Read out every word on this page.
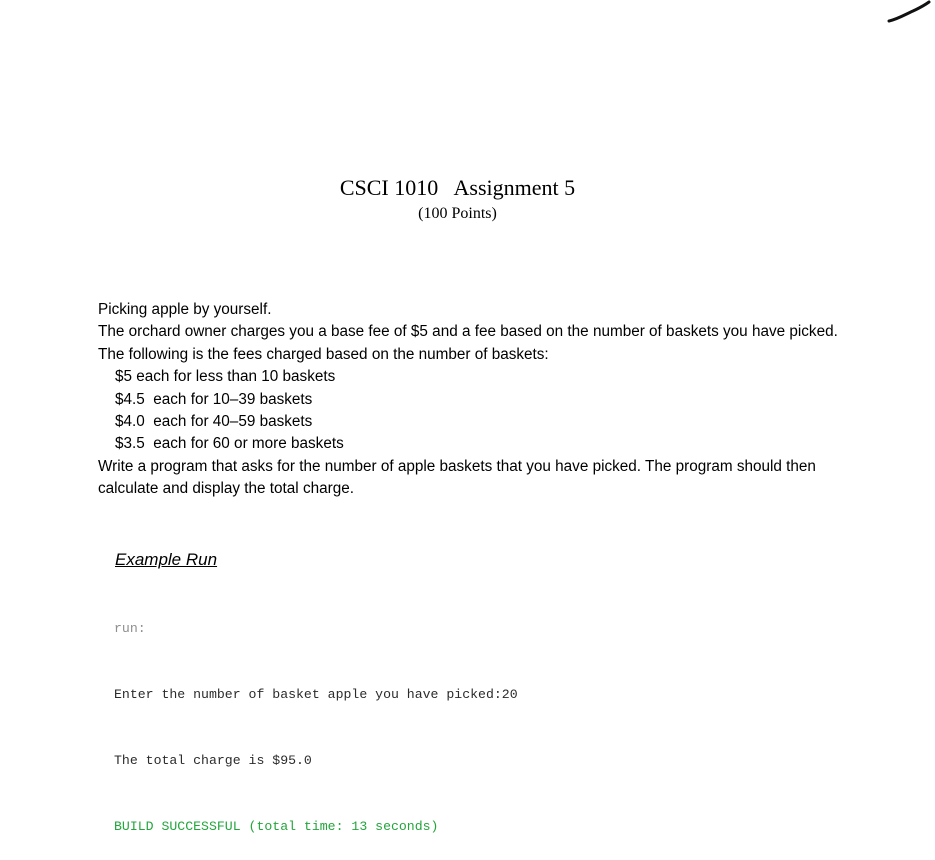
CSCI 1010   Assignment 5
(100 Points)

Picking apple by yourself.

The orchard owner charges you a base fee of $5 and a fee based on the number of baskets you have picked. The following is the fees charged based on the number of baskets:

$5 each for less than 10 baskets
$4.5  each for 10–39 baskets
$4.0  each for 40–59 baskets
$3.5  each for 60 or more baskets

Write a program that asks for the number of apple baskets that you have picked. The program should then calculate and display the total charge.

Example Run

run:

Enter the number of basket apple you have picked:20

The total charge is $95.0

BUILD SUCCESSFUL (total time: 13 seconds)
